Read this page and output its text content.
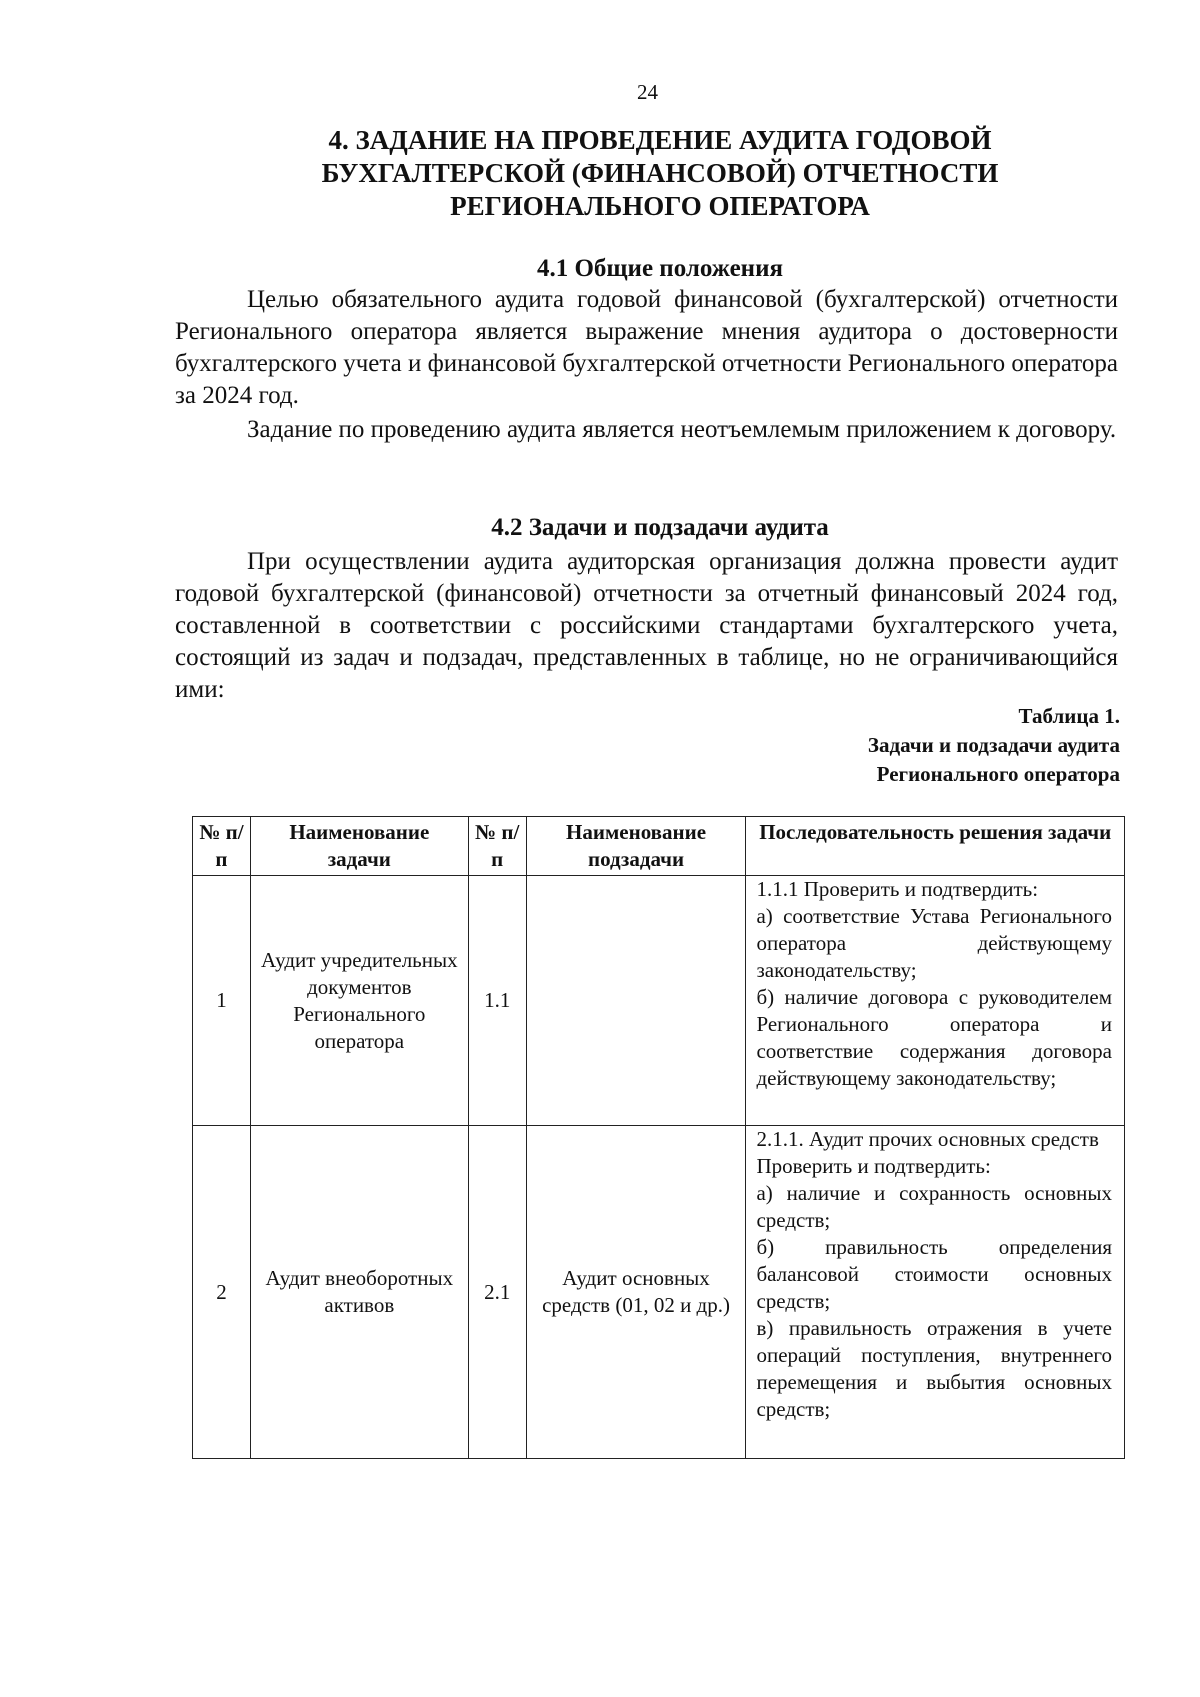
24
4. ЗАДАНИЕ НА ПРОВЕДЕНИЕ АУДИТА ГОДОВОЙ
БУХГАЛТЕРСКОЙ (ФИНАНСОВОЙ) ОТЧЕТНОСТИ
РЕГИОНАЛЬНОГО ОПЕРАТОРА
4.1 Общие положения

Целью обязательного аудита годовой финансовой (бухгалтерской) отчетности Регионального оператора является выражение мнения аудитора о достоверности бухгалтерского учета и финансовой бухгалтерской отчетности Регионального оператора за 2024 год.

Задание по проведению аудита является неотъемлемым приложением к договору.

4.2 Задачи и подзадачи аудита

При осуществлении аудита аудиторская организация должна провести аудит годовой бухгалтерской (финансовой) отчетности за отчетный финансовый 2024 год, составленной в соответствии с российскими стандартами бухгалтерского учета, состоящий из задач и подзадач, представленных в таблице, но не ограничивающийся ими:

Таблица 1.
Задачи и подзадачи аудита
Регионального оператора
№ п/п	Наименование задачи	№ п/п	Наименование подзадачи	Последовательность решения задачи
1	Аудит учредительных документов Регионального оператора	1.1		1.1.1 Проверить и подтвердить:
а) соответствие Устава Регионального оператора действующему законодательству;
б) наличие договора с руководителем Регионального оператора и соответствие содержания договора действующему законодательству;

2	Аудит внеоборотных активов	2.1	Аудит основных средств (01, 02 и др.)	2.1.1. Аудит прочих основных средств
Проверить и подтвердить:
а) наличие и сохранность основных средств;
б) правильность определения балансовой стоимости основных средств;
в) правильность отражения в учете операций поступления, внутреннего перемещения и выбытия основных средств;
